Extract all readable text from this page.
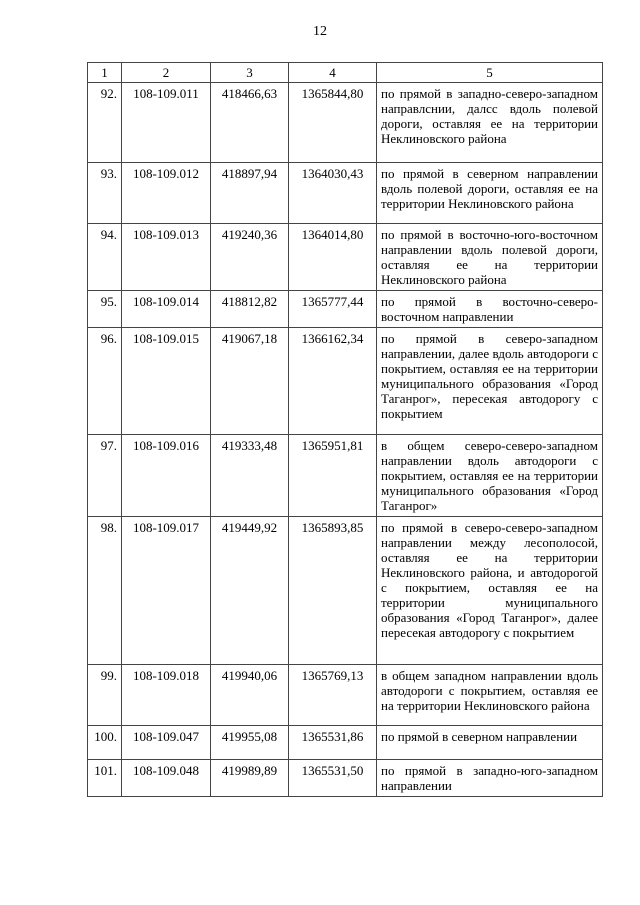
12
1	2	3	4	5
92.	108-109.011	418466,63	1365844,80	по прямой в западно-северо-западном направлснии, далсс вдоль полевой дороги, оставляя ее на территории Неклиновского района
93.	108-109.012	418897,94	1364030,43	по прямой в северном направлении вдоль полевой дороги, оставляя ее на территории Неклиновского района
94.	108-109.013	419240,36	1364014,80	по прямой в восточно-юго-восточном направлении вдоль полевой дороги, оставляя ее на территории Неклиновского района
95.	108-109.014	418812,82	1365777,44	по прямой в восточно-северо-восточном направлении
96.	108-109.015	419067,18	1366162,34	по прямой в северо-западном направлении, далее вдоль автодороги с покрытием, оставляя ее на территории муниципального образования «Город Таганрог», пересекая автодорогу с покрытием
97.	108-109.016	419333,48	1365951,81	в общем северо-северо-западном направлении вдоль автодороги с покрытием, оставляя ее на территории муниципального образования «Город Таганрог»
98.	108-109.017	419449,92	1365893,85	по прямой в северо-северо-западном направлении между лесополосой, оставляя ее на территории Неклиновского района, и автодорогой с покрытием, оставляя ее на территории муниципального образования «Город Таганрог», далее пересекая автодорогу с покрытием
99.	108-109.018	419940,06	1365769,13	в общем западном направлении вдоль автодороги с покрытием, оставляя ее на территории Неклиновского района
100.	108-109.047	419955,08	1365531,86	по прямой в северном направлении
101.	108-109.048	419989,89	1365531,50	по прямой в западно-юго-западном направлении
